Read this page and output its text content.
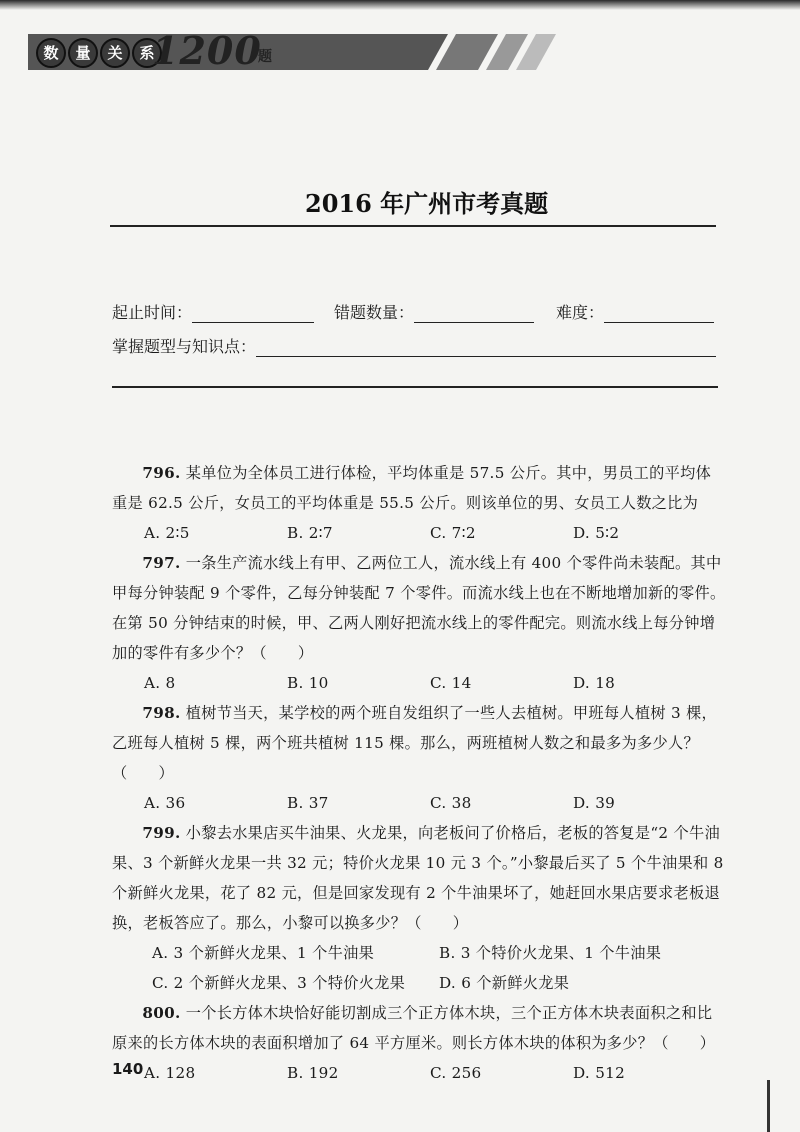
数	量	关	系
1200
题
2016 年广州市考真题
起止时间：	错题数量：	难度：
掌握题型与知识点：

796. 某单位为全体员工进行体检，平均体重是 57.5 公斤。其中，男员工的平均体重是 62.5 公斤，女员工的平均体重是 55.5 公斤。则该单位的男、女员工人数之比为

A. 2∶5	B. 2∶7	C. 7∶2	D. 5∶2

797. 一条生产流水线上有甲、乙两位工人，流水线上有 400 个零件尚未装配。其中甲每分钟装配 9 个零件，乙每分钟装配 7 个零件。而流水线上也在不断地增加新的零件。在第 50 分钟结束的时候，甲、乙两人刚好把流水线上的零件配完。则流水线上每分钟增加的零件有多少个？（　　）

A. 8	B. 10	C. 14	D. 18

798. 植树节当天，某学校的两个班自发组织了一些人去植树。甲班每人植树 3 棵，乙班每人植树 5 棵，两个班共植树 115 棵。那么，两班植树人数之和最多为多少人？（　　）

A. 36	B. 37	C. 38	D. 39

799. 小黎去水果店买牛油果、火龙果，向老板问了价格后，老板的答复是“2 个牛油果、3 个新鲜火龙果一共 32 元；特价火龙果 10 元 3 个。”小黎最后买了 5 个牛油果和 8 个新鲜火龙果，花了 82 元，但是回家发现有 2 个牛油果坏了，她赶回水果店要求老板退换，老板答应了。那么，小黎可以换多少？（　　）

A. 3 个新鲜火龙果、1 个牛油果	B. 3 个特价火龙果、1 个牛油果
C. 2 个新鲜火龙果、3 个特价火龙果	D. 6 个新鲜火龙果

800. 一个长方体木块恰好能切割成三个正方体木块，三个正方体木块表面积之和比原来的长方体木块的表面积增加了 64 平方厘米。则长方体木块的体积为多少？（　　）

A. 128	B. 192	C. 256	D. 512
140
